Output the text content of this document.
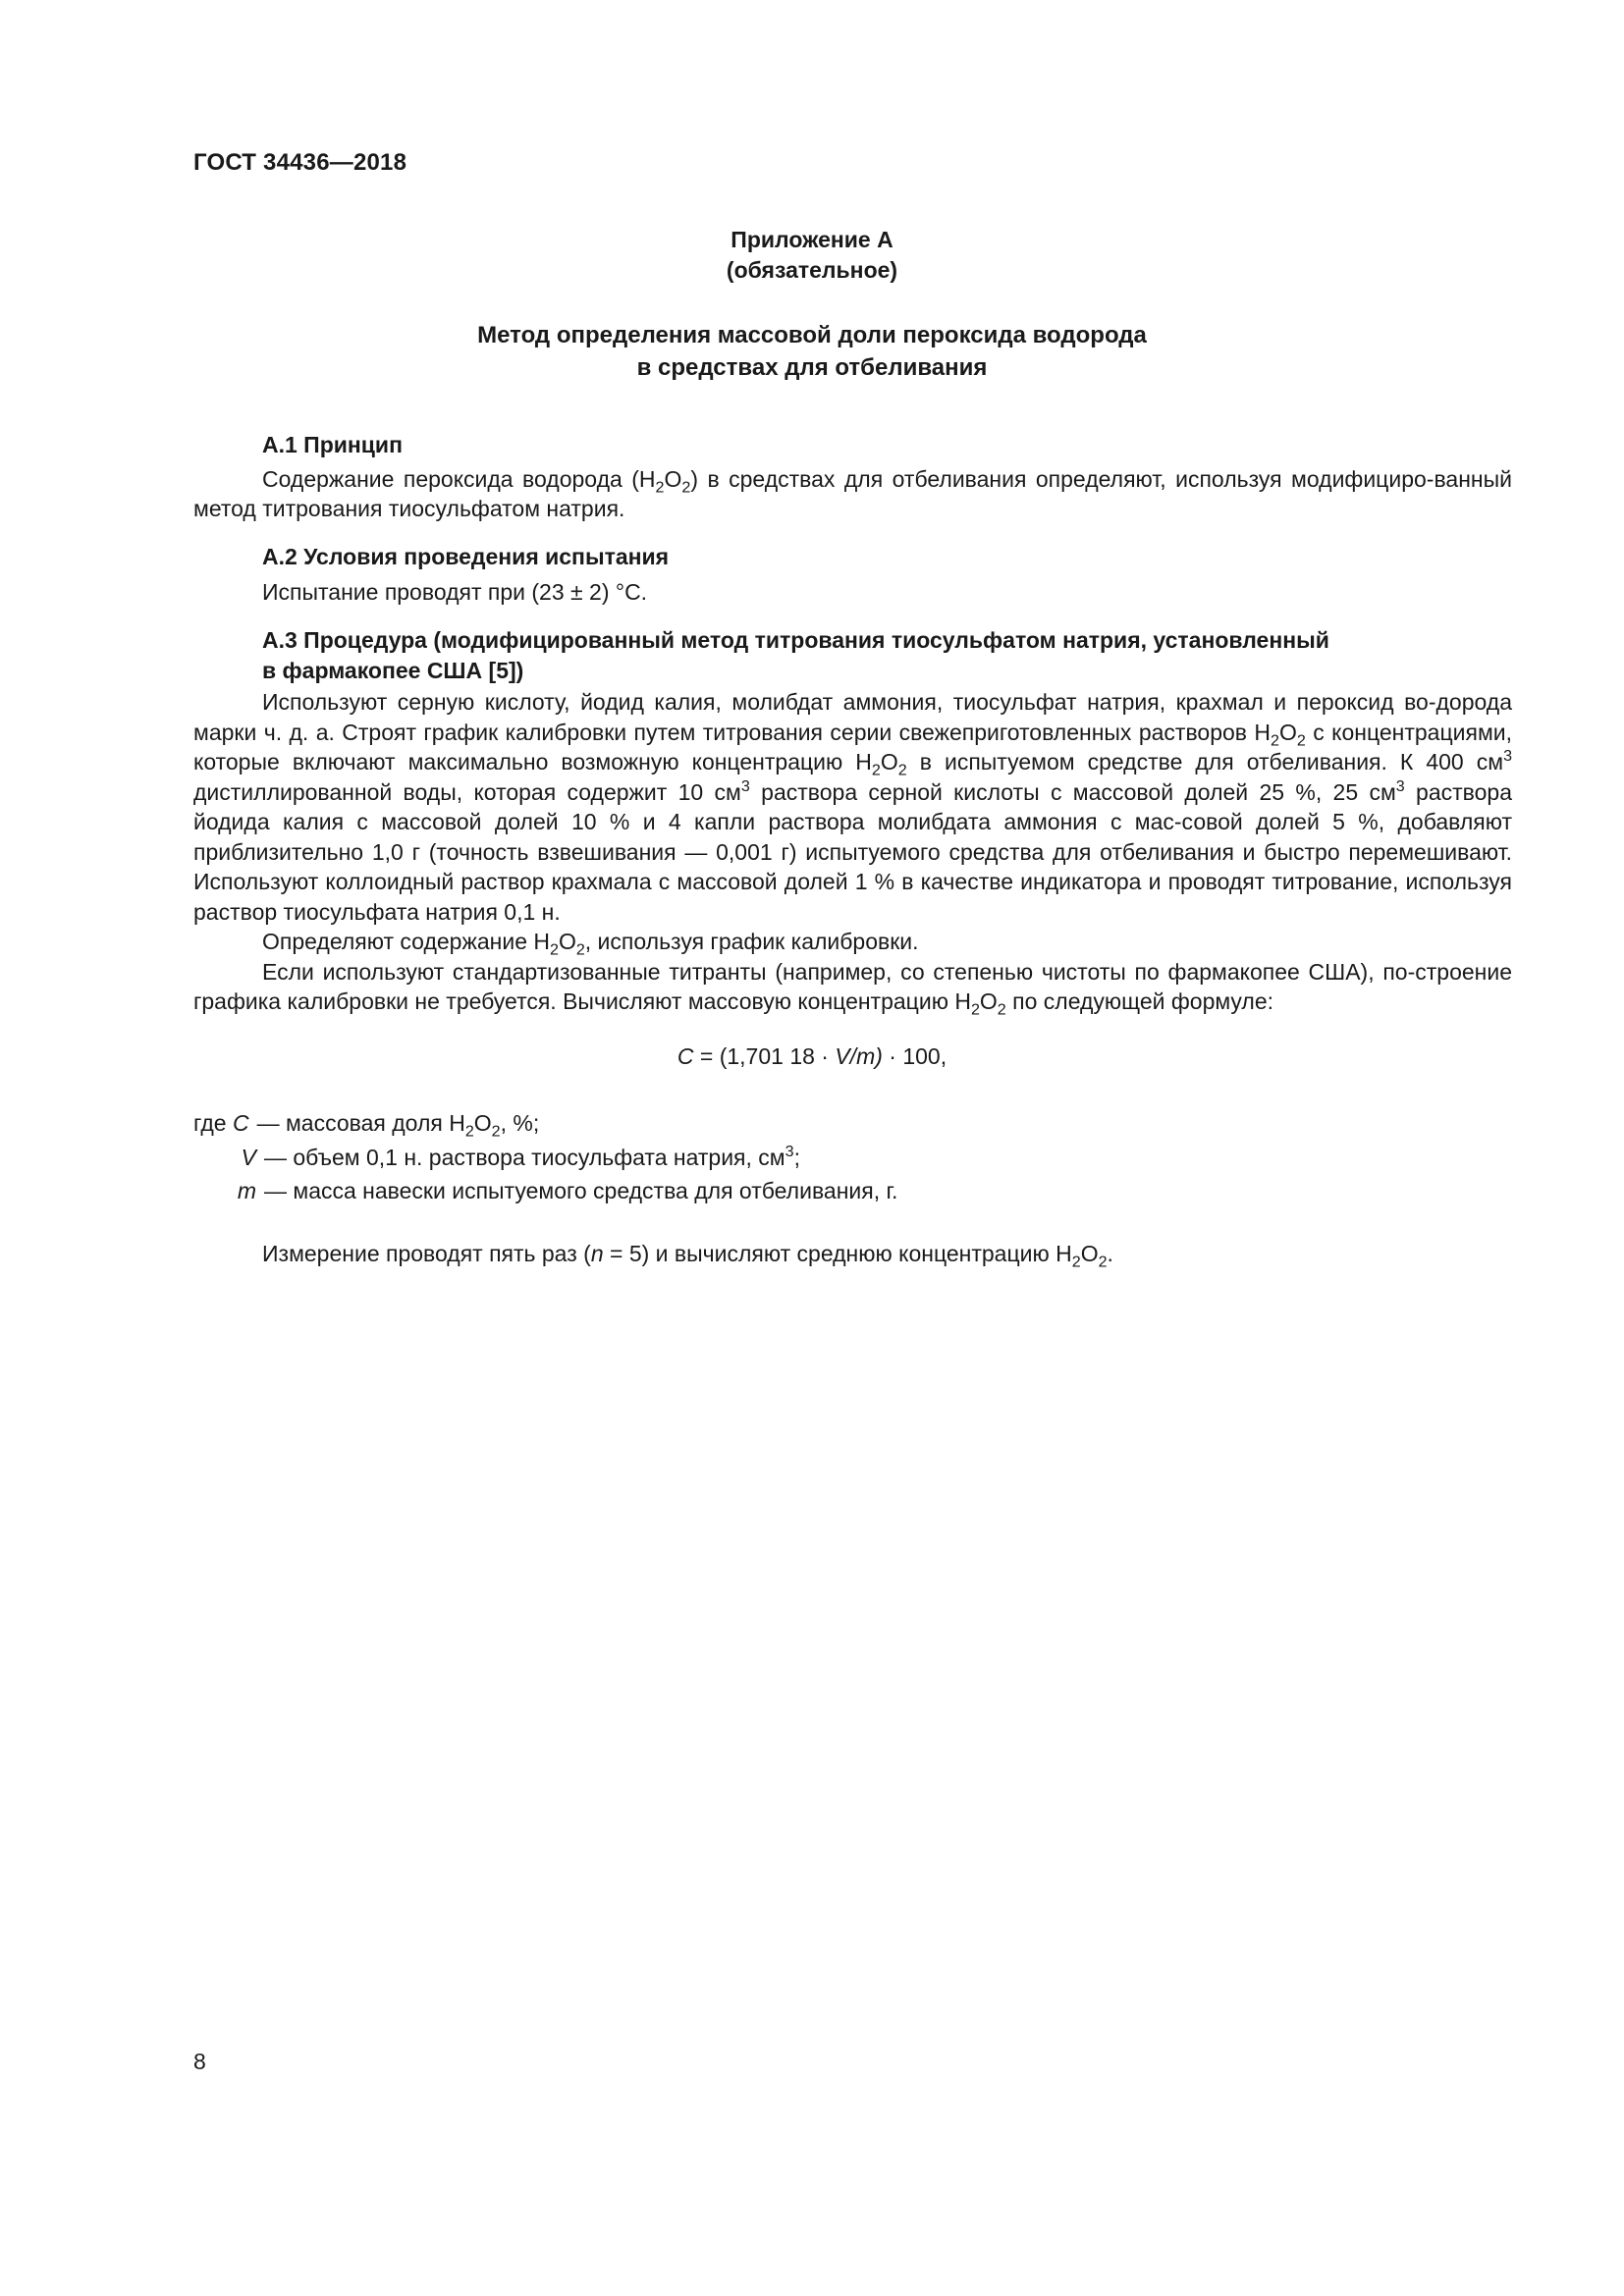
ГОСТ 34436—2018
Приложение А
(обязательное)
Метод определения массовой доли пероксида водорода
в средствах для отбеливания
А.1 Принцип

Содержание пероксида водорода $(H_2O_2)$ в средствах для отбеливания определяют, используя модифициро-ванный метод титрования тиосульфатом натрия.

А.2 Условия проведения испытания

Испытание проводят при (23 ± 2) °С.

А.3 Процедура (модифицированный метод титрования тиосульфатом натрия, установленный
в фармакопее США [5])

Используют серную кислоту, йодид калия, молибдат аммония, тиосульфат натрия, крахмал и пероксид во-дорода марки ч. д. а. Строят график калибровки путем титрования серии свежеприготовленных растворов $H_2O_2$ с концентрациями, которые включают максимально возможную концентрацию $H_2O_2$ в испытуемом средстве для отбеливания. К 400 $см^3$ дистиллированной воды, которая содержит 10 $см^3$ раствора серной кислоты с массовой долей 25 %, 25 $см^3$ раствора йодида калия с массовой долей 10 % и 4 капли раствора молибдата аммония с мас-совой долей 5 %, добавляют приблизительно 1,0 г (точность взвешивания — 0,001 г) испытуемого средства для отбеливания и быстро перемешивают. Используют коллоидный раствор крахмала с массовой долей 1 % в качестве индикатора и проводят титрование, используя раствор тиосульфата натрия 0,1 н.

Определяют содержание $H_2O_2$, используя график калибровки.

Если используют стандартизованные титранты (например, со степенью чистоты по фармакопее США), по-строение графика калибровки не требуется. Вычисляют массовую концентрацию $H_2O_2$ по следующей формуле:

C = (1,701 18 · V/m) · 100,
где C — массовая доля $H_2O_2$, %;
V — объем 0,1 н. раствора тиосульфата натрия, $см^3$;
m — масса навески испытуемого средства для отбеливания, г.

Измерение проводят пять раз (n = 5) и вычисляют среднюю концентрацию $H_2O_2$.

8
